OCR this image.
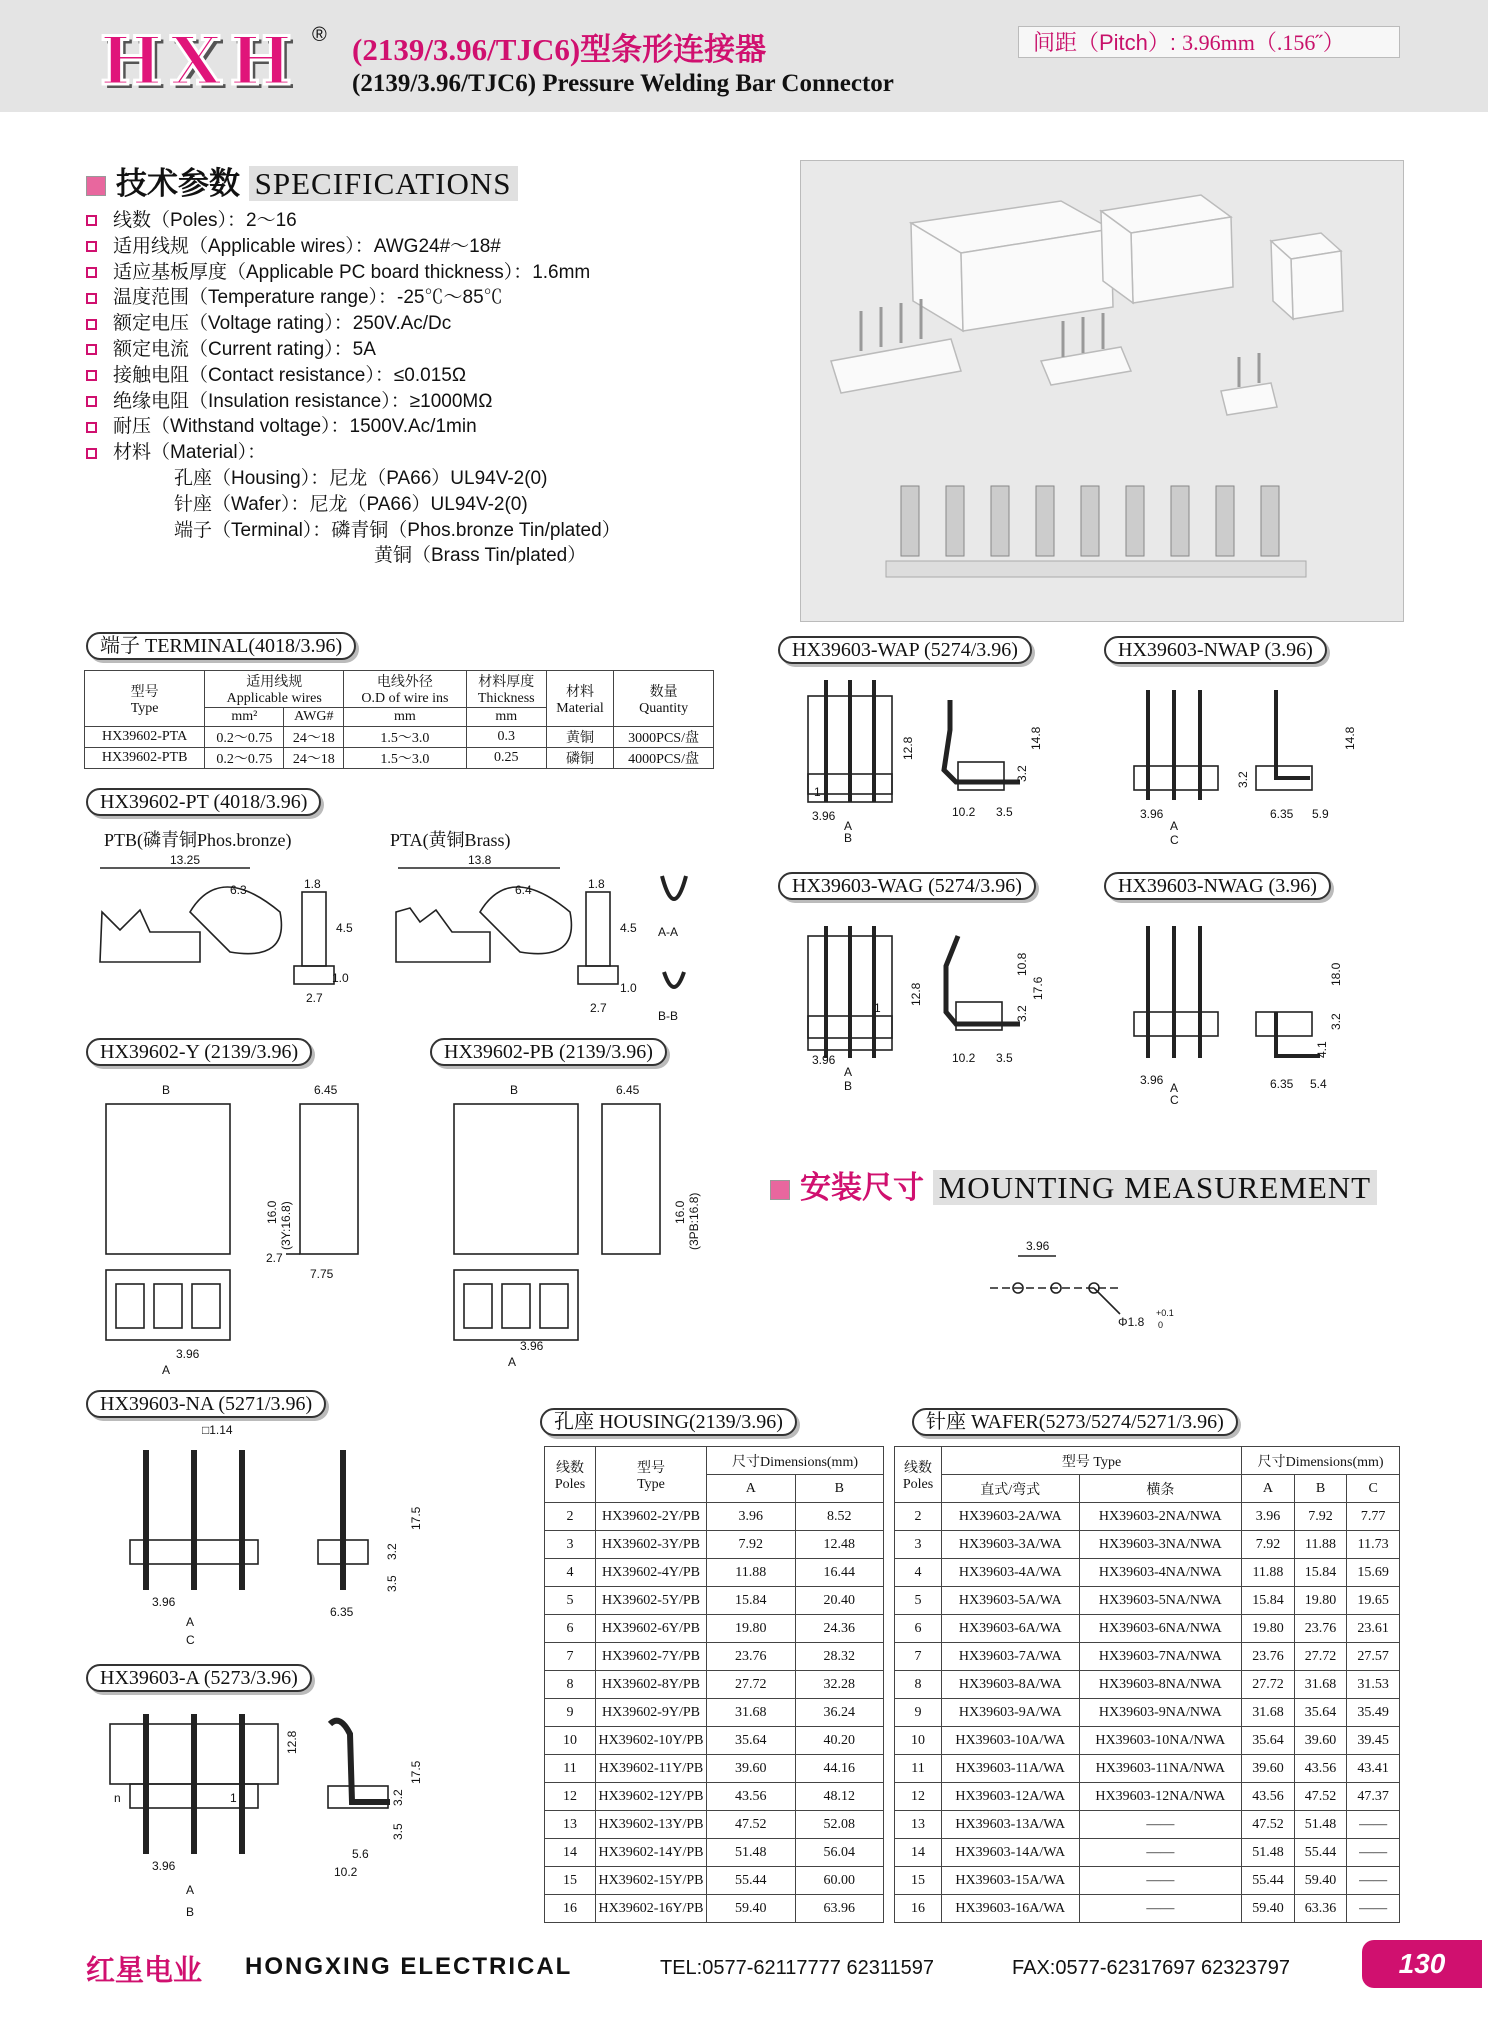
HXH ® (2139/3.96/TJC6)型条形连接器
(2139/3.96/TJC6) Pressure Welding Bar Connector
间距（Pitch）: 3.96mm（.156˝）
技术参数 SPECIFICATIONS
线数（Poles）：2～16
适用线规（Applicable wires）：AWG24#～18#
适应基板厚度（Applicable PC board thickness）：1.6mm
温度范围（Temperature range）：-25℃～85℃
额定电压（Voltage rating）：250V.Ac/Dc
额定电流（Current rating）：5A
接触电阻（Contact resistance）：≤0.015Ω
绝缘电阻（Insulation resistance）：≥1000MΩ
耐压（Withstand voltage）：1500V.Ac/1min
材料（Material）：
孔座（Housing）：尼龙（PA66）UL94V-2(0)
针座（Wafer）：尼龙（PA66）UL94V-2(0)
端子（Terminal）：磷青铜（Phos.bronze Tin/plated）
黄铜（Brass Tin/plated）
端子 TERMINAL(4018/3.96)
型号
Type	适用线规
Applicable wires		电线外径
O.D of wire ins	材料厚度
Thickness	材料
Material	数量
Quantity
	mm²	AWG#	mm	mm		
HX39602-PTA	0.2～0.75	24～18	1.5～3.0	0.3	黄铜	3000PCS/盘
HX39602-PTB	0.2～0.75	24～18	1.5～3.0	0.25	磷铜	4000PCS/盘
HX39602-PT (4018/3.96)
PTB(磷青铜Phos.bronze)	PTA(黄铜Brass)
13.25
6.3	1.8
4.5
1.0
2.7
13.8
6.4	1.8
4.5
1.0
2.7
A-A
B-B
HX39602-Y (2139/3.96)	HX39602-PB (2139/3.96)
B	6.45
16.0 (3Y:16.8)
2.7
7.75
3.96
A
B	6.45
16.0 (3PB:16.8)
3.96
A
HX39603-NA (5271/3.96)
□1.14
3.96
A
C
6.35
17.5
3.2
3.5
HX39603-A (5273/3.96)
n	1
3.96
A
B
12.8
17.5
3.2
3.5
5.6
10.2
HX39603-WAP (5274/3.96)	HX39603-NWAP (3.96)
1
3.96
A
B
12.8	14.8
3.2
10.2 3.5	3.96
A
C
3.2
14.8
6.35 5.9
HX39603-WAG (5274/3.96)	HX39603-NWAG (3.96)
1
3.96
A
B
12.8
10.8
17.6
3.2
10.2 3.5
3.96
A
C
18.0
3.2
4.1
6.35 5.4
安装尺寸 MOUNTING MEASUREMENT
3.96
Φ1.8
+0.1
0
孔座 HOUSING(2139/3.96)
线数
Poles	型号
Type	尺寸Dimensions(mm)	
		A	B
2	HX39602-2Y/PB	3.96	8.52
3	HX39602-3Y/PB	7.92	12.48
4	HX39602-4Y/PB	11.88	16.44
5	HX39602-5Y/PB	15.84	20.40
6	HX39602-6Y/PB	19.80	24.36
7	HX39602-7Y/PB	23.76	28.32
8	HX39602-8Y/PB	27.72	32.28
9	HX39602-9Y/PB	31.68	36.24
10	HX39602-10Y/PB	35.64	40.20
11	HX39602-11Y/PB	39.60	44.16
12	HX39602-12Y/PB	43.56	48.12
13	HX39602-13Y/PB	47.52	52.08
14	HX39602-14Y/PB	51.48	56.04
15	HX39602-15Y/PB	55.44	60.00
16	HX39602-16Y/PB	59.40	63.96
针座 WAFER(5273/5274/5271/3.96)
线数
Poles	型号 Type		尺寸Dimensions(mm)		
	直式/弯式	横条	A	B	C
2	HX39603-2A/WA	HX39603-2NA/NWA	3.96	7.92	7.77
3	HX39603-3A/WA	HX39603-3NA/NWA	7.92	11.88	11.73
4	HX39603-4A/WA	HX39603-4NA/NWA	11.88	15.84	15.69
5	HX39603-5A/WA	HX39603-5NA/NWA	15.84	19.80	19.65
6	HX39603-6A/WA	HX39603-6NA/NWA	19.80	23.76	23.61
7	HX39603-7A/WA	HX39603-7NA/NWA	23.76	27.72	27.57
8	HX39603-8A/WA	HX39603-8NA/NWA	27.72	31.68	31.53
9	HX39603-9A/WA	HX39603-9NA/NWA	31.68	35.64	35.49
10	HX39603-10A/WA	HX39603-10NA/NWA	35.64	39.60	39.45
11	HX39603-11A/WA	HX39603-11NA/NWA	39.60	43.56	43.41
12	HX39603-12A/WA	HX39603-12NA/NWA	43.56	47.52	47.37
13	HX39603-13A/WA	——	47.52	51.48	——
14	HX39603-14A/WA	——	51.48	55.44	——
15	HX39603-15A/WA	——	55.44	59.40	——
16	HX39603-16A/WA	——	59.40	63.36	——
红星电业 HONGXING ELECTRICAL	TEL:0577-62117777 62311597	FAX:0577-62317697 62323797	130
